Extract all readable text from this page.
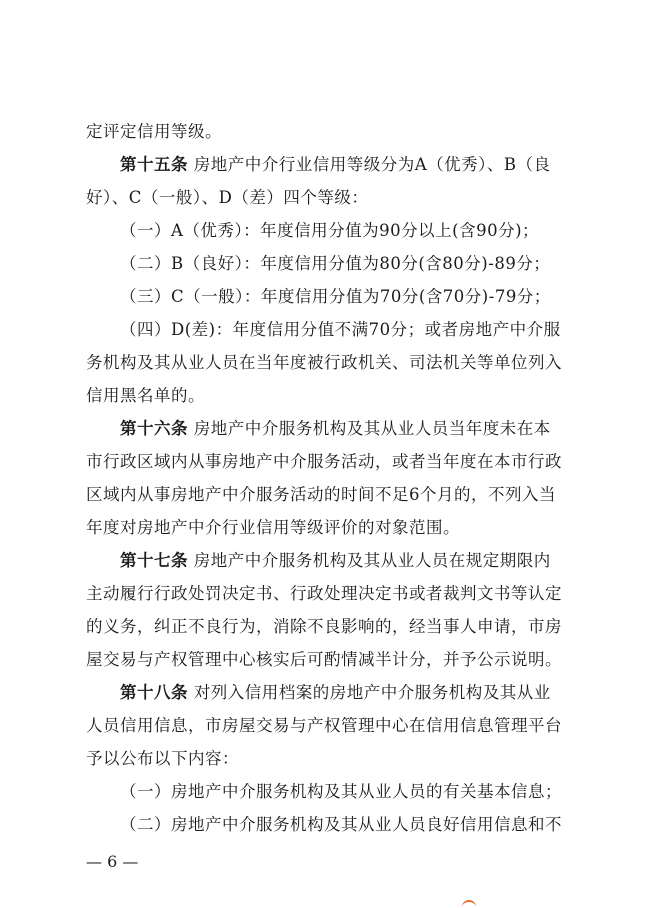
定评定信用等级。
第十五条 房地产中介行业信用等级分为A（优秀）、B（良
好）、C（一般）、D（差）四个等级：
（一）A（优秀）：年度信用分值为90分以上(含90分)；
（二）B（良好）：年度信用分值为80分(含80分)-89分；
（三）C（一般）：年度信用分值为70分(含70分)-79分；
（四）D(差)：年度信用分值不满70分；或者房地产中介服
务机构及其从业人员在当年度被行政机关、司法机关等单位列入
信用黑名单的。
第十六条 房地产中介服务机构及其从业人员当年度未在本
市行政区域内从事房地产中介服务活动，或者当年度在本市行政
区域内从事房地产中介服务活动的时间不足6个月的，不列入当
年度对房地产中介行业信用等级评价的对象范围。
第十七条 房地产中介服务机构及其从业人员在规定期限内
主动履行行政处罚决定书、行政处理决定书或者裁判文书等认定
的义务，纠正不良行为，消除不良影响的，经当事人申请，市房
屋交易与产权管理中心核实后可酌情减半计分，并予公示说明。
第十八条 对列入信用档案的房地产中介服务机构及其从业
人员信用信息，市房屋交易与产权管理中心在信用信息管理平台
予以公布以下内容：
（一）房地产中介服务机构及其从业人员的有关基本信息；
（二）房地产中介服务机构及其从业人员良好信用信息和不
— 6 —
